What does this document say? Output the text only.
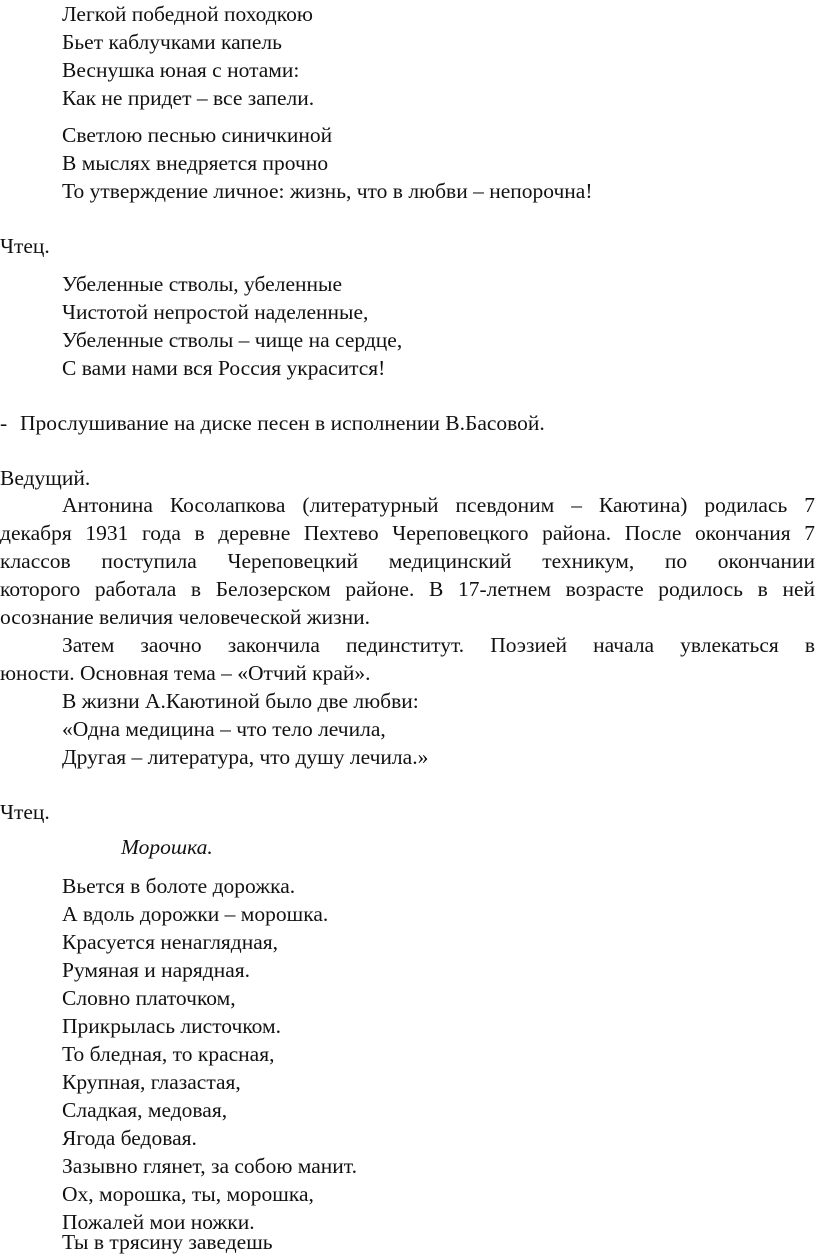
Легкой победной походкою
Бьет каблучками капель
Веснушка юная с нотами:
Как не придет – все запели.
Светлою песнью синичкиной
В мыслях внедряется прочно
То утверждение личное: жизнь, что в любви – непорочна!
Чтец.
Убеленные стволы, убеленные
Чистотой непростой наделенные,
Убеленные стволы – чище на сердце,
С вами нами вся Россия украсится!
- Прослушивание на диске песен в исполнении В.Басовой.
Ведущий.
Антонина Косолапкова (литературный псевдоним – Каютина) родилась 7
декабря 1931 года в деревне Пехтево Череповецкого района. После окончания 7
классов поступила Череповецкий медицинский техникум, по окончании
которого работала в Белозерском районе. В 17-летнем возрасте родилось в ней
осознание величия человеческой жизни.
Затем заочно закончила пединститут. Поэзией начала увлекаться в
юности. Основная тема – «Отчий край».
В жизни А.Каютиной было две любви:
«Одна медицина – что тело лечила,
Другая – литература, что душу лечила.»
Чтец.
Морошка.
Вьется в болоте дорожка.
А вдоль дорожки – морошка.
Красуется ненаглядная,
Румяная и нарядная.
Словно платочком,
Прикрылась листочком.
То бледная, то красная,
Крупная, глазастая,
Сладкая, медовая,
Ягода бедовая.
Зазывно глянет, за собою манит.
Ох, морошка, ты, морошка,
Пожалей мои ножки.
Ты в трясину заведешь
